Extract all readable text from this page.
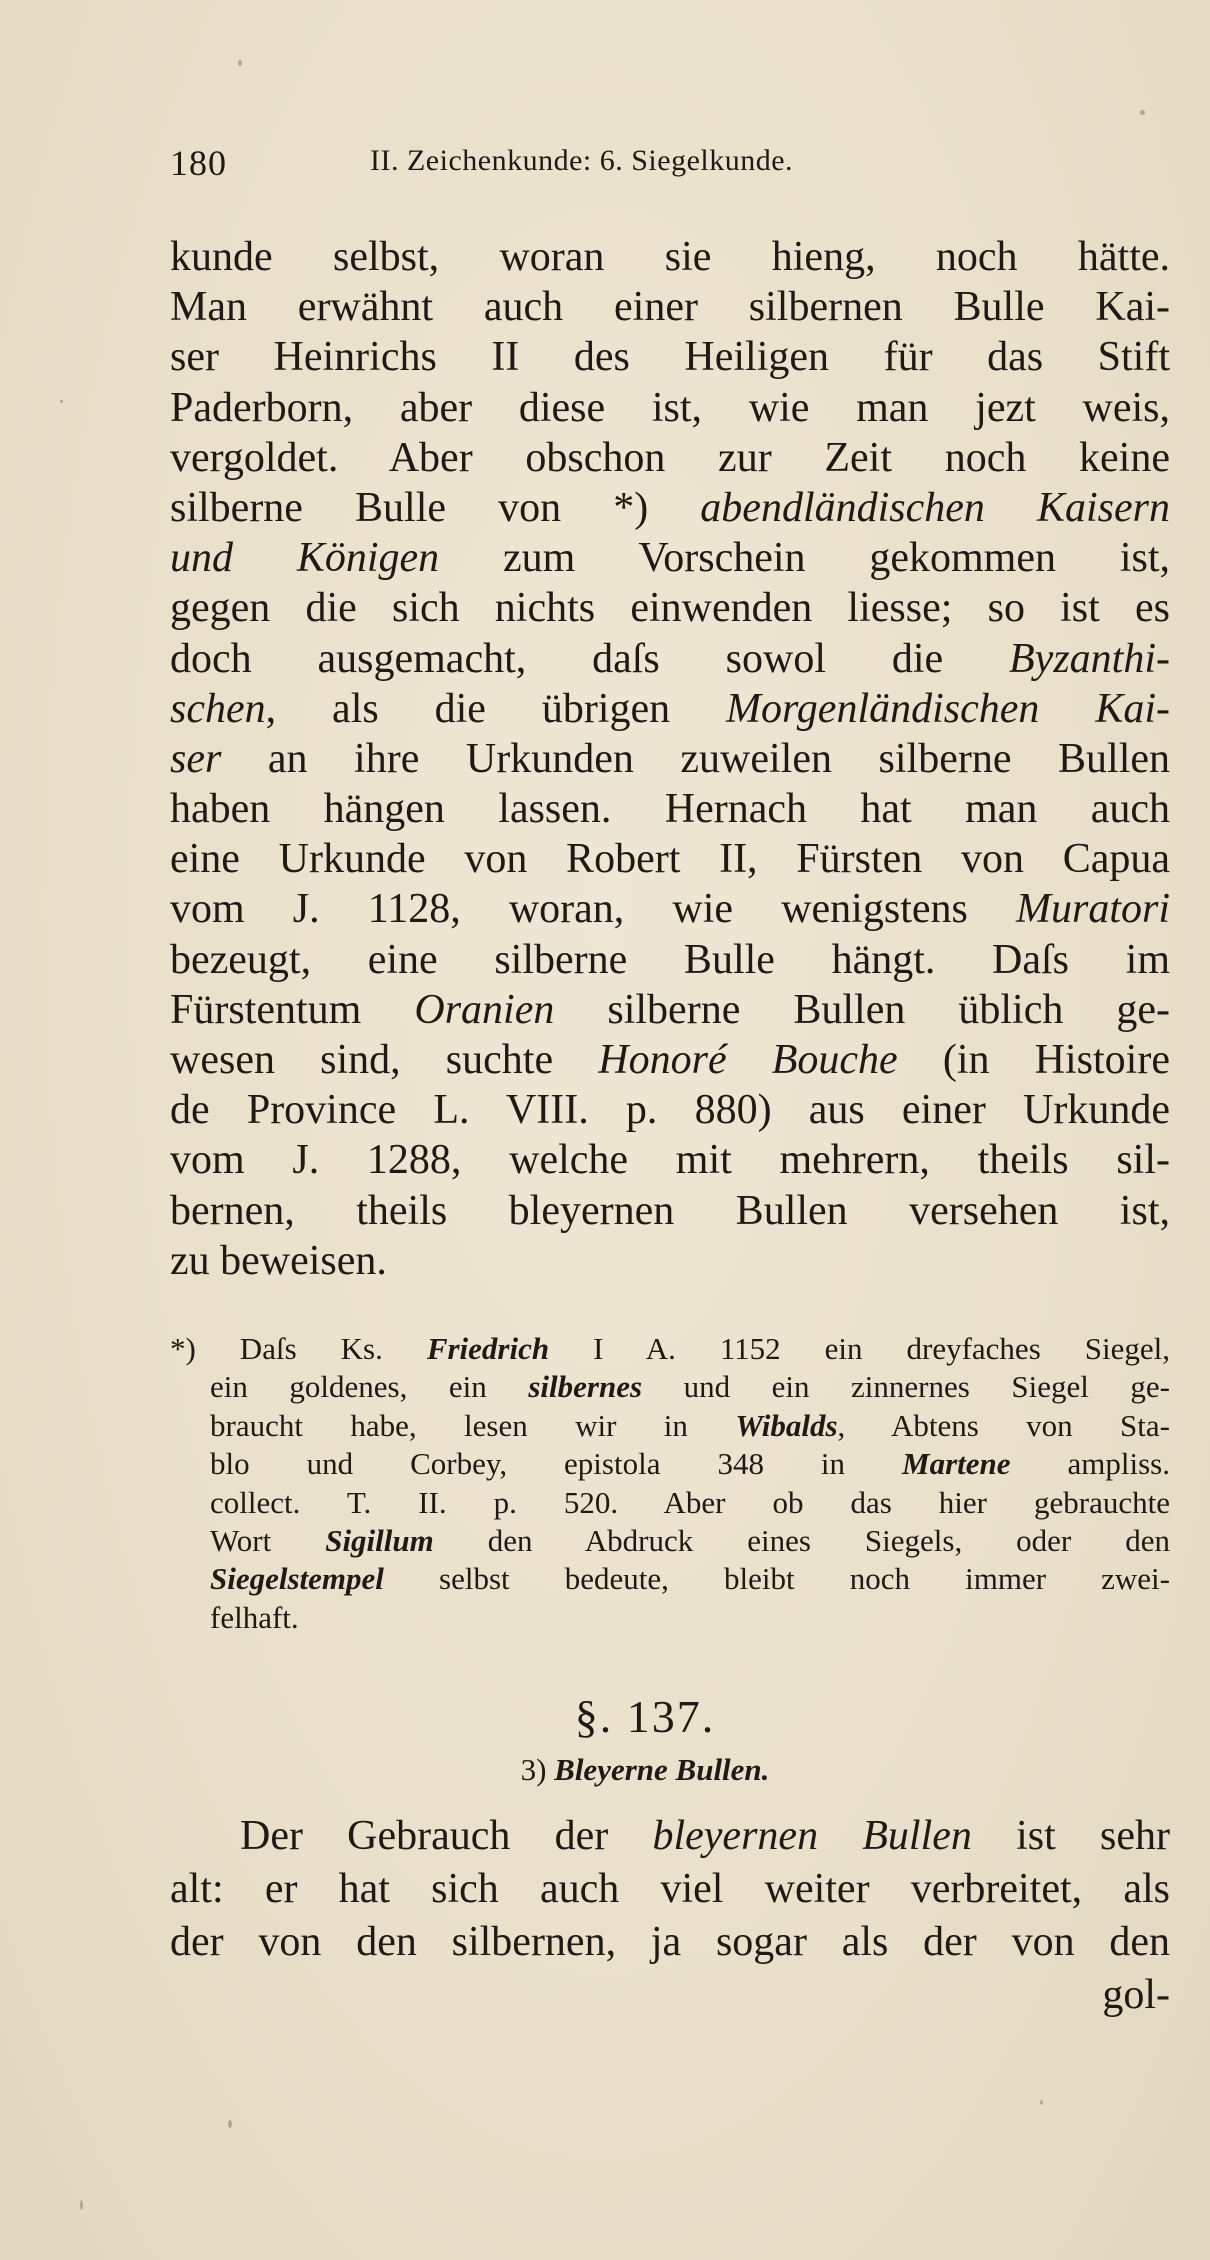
180	II. Zeichenkunde: 6. Siegelkunde.
kunde selbst, woran sie hieng, noch hätte.
Man erwähnt auch einer silbernen Bulle Kai-
ser Heinrichs II des Heiligen für das Stift
Paderborn, aber diese ist, wie man jezt weis,
vergoldet. Aber obschon zur Zeit noch keine
silberne Bulle von *) abendländischen Kaisern
und Königen zum Vorschein gekommen ist,
gegen die sich nichts einwenden liesse; so ist es
doch ausgemacht, daſs sowol die Byzanthi-
schen, als die übrigen Morgenländischen Kai-
ser an ihre Urkunden zuweilen silberne Bullen
haben hängen lassen. Hernach hat man auch
eine Urkunde von Robert II, Fürsten von Capua
vom J. 1128, woran, wie wenigstens Muratori
bezeugt, eine silberne Bulle hängt. Daſs im
Fürstentum Oranien silberne Bullen üblich ge-
wesen sind, suchte Honoré Bouche (in Histoire
de Province L. VIII. p. 880) aus einer Urkunde
vom J. 1288, welche mit mehrern, theils sil-
bernen, theils bleyernen Bullen versehen ist,
zu beweisen.
*) Daſs Ks. Friedrich I A. 1152 ein dreyfaches Siegel,
ein goldenes, ein silbernes und ein zinnernes Siegel ge-
braucht habe, lesen wir in Wibalds, Abtens von Sta-
blo und Corbey, epistola 348 in Martene ampliss.
collect. T. II. p. 520. Aber ob das hier gebrauchte
Wort Sigillum den Abdruck eines Siegels, oder den
Siegelstempel selbst bedeute, bleibt noch immer zwei-
felhaft.
§. 137.
3) Bleyerne Bullen.
Der Gebrauch der bleyernen Bullen ist sehr
alt: er hat sich auch viel weiter verbreitet, als
der von den silbernen, ja sogar als der von den
gol-
